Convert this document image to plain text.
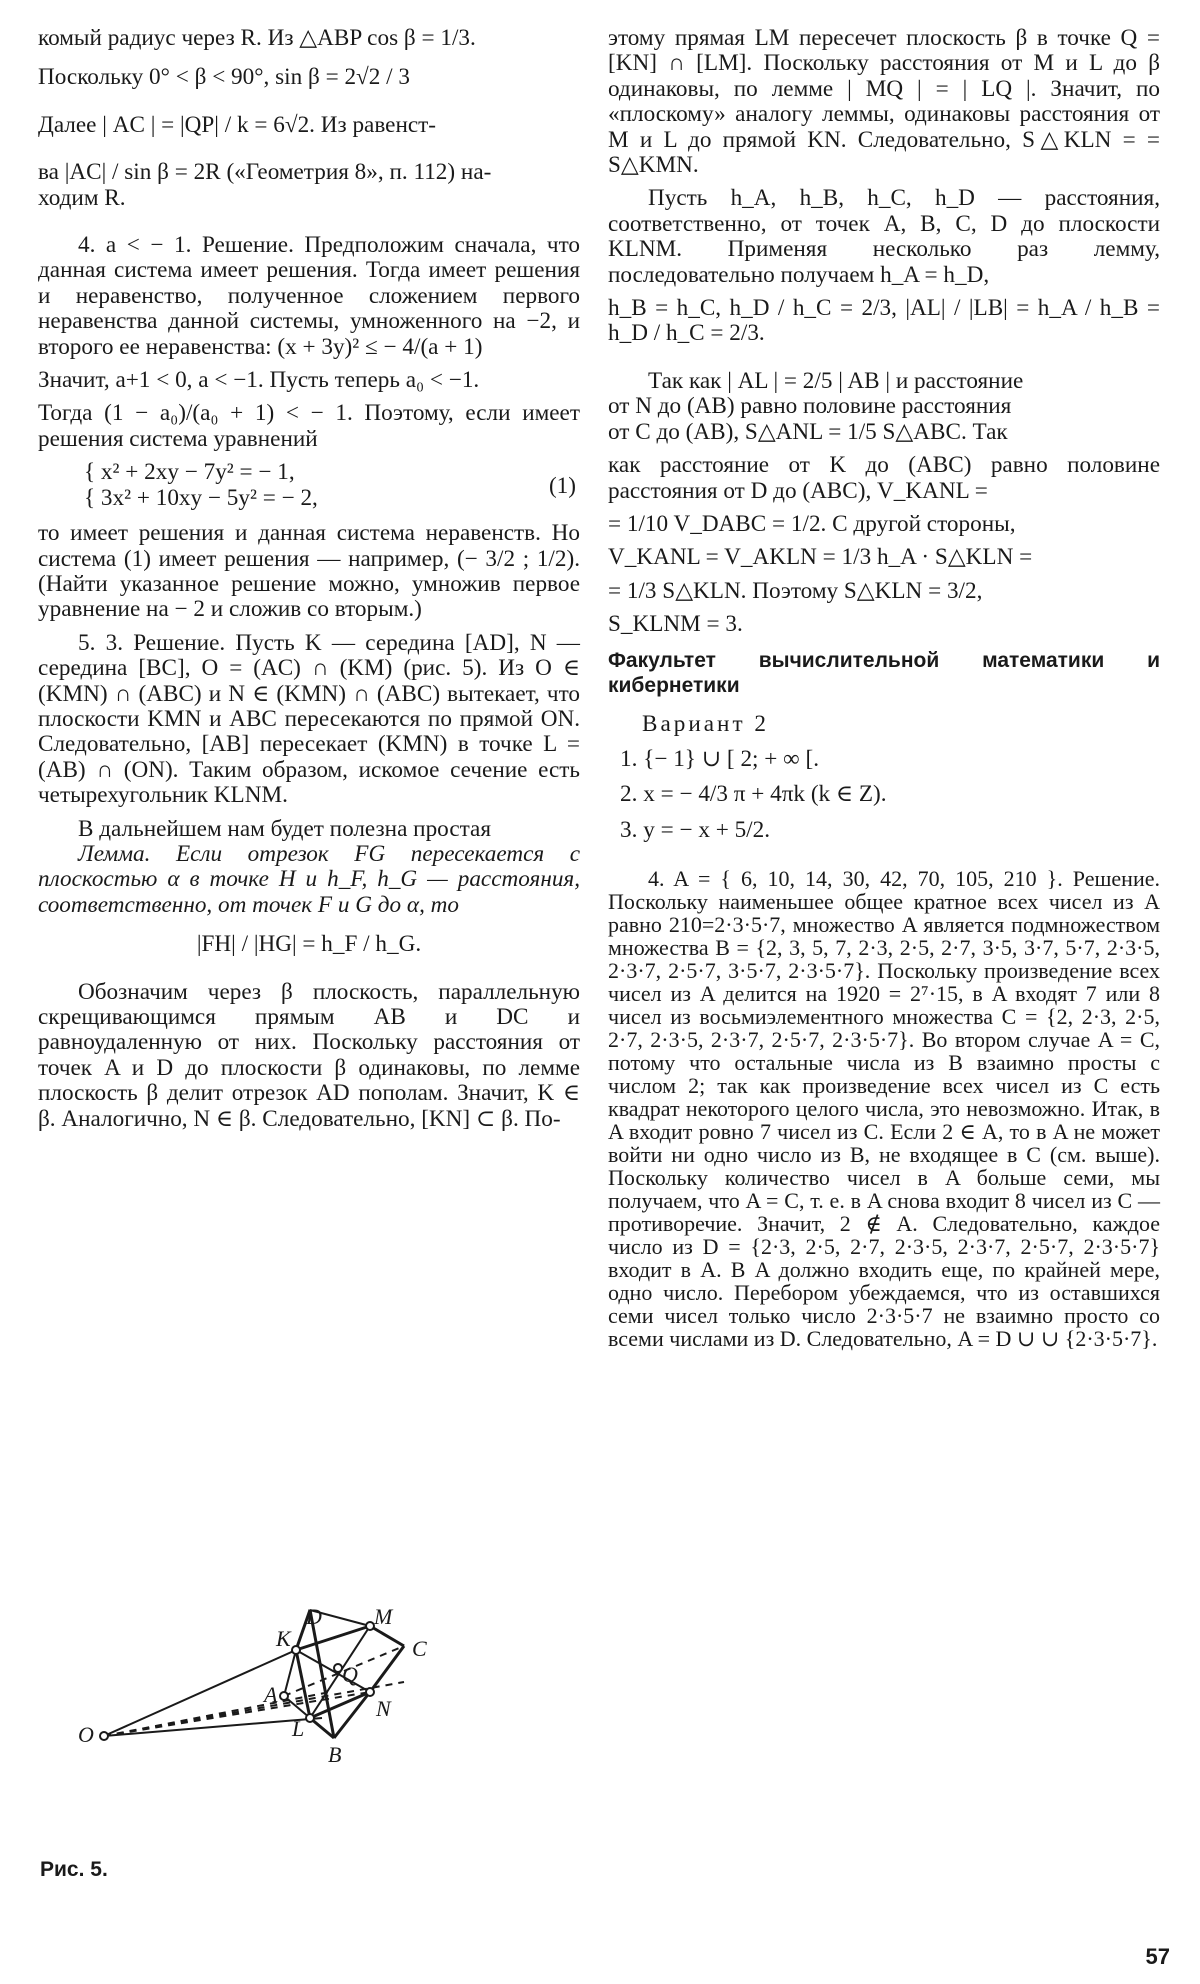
комый радиус через R. Из △ABP cos β = 1/3.

Поскольку 0° < β < 90°, sin β = 2√2 / 3

Далее | AC | = |QP| / k = 6√2. Из равенст-

ва |AC| / sin β = 2R («Геометрия 8», п. 112) на-

ходим R.

4. a < − 1. Решение. Предположим сначала, что данная система имеет решения. Тогда имеет решения и неравенство, полученное сложением первого неравенства данной системы, умноженного на −2, и второго ее неравенства: (x + 3y)² ≤ − 4/(a + 1)

Значит, a+1 < 0, a < −1. Пусть теперь a₀ < −1.

Тогда (1 − a₀)/(a₀ + 1) < − 1. Поэтому, если имеет решения система уравнений

{ x² + 2xy − 7y² = − 1,
{ 3x² + 10xy − 5y² = − 2,	(1)

то имеет решения и данная система неравенств. Но система (1) имеет решения — например, (− 3/2 ; 1/2). (Найти указанное решение можно, умножив первое уравнение на − 2 и сложив со вторым.)

5. 3. Решение. Пусть K — середина [AD], N — середина [BC], O = (AC) ∩ (KM) (рис. 5). Из O ∈ (KMN) ∩ (ABC) и N ∈ (KMN) ∩ (ABC) вытекает, что плоскости KMN и ABC пересекаются по прямой ON. Следовательно, [AB] пересекает (KMN) в точке L = (AB) ∩ (ON). Таким образом, искомое сечение есть четырехугольник KLNM.

В дальнейшем нам будет полезна простая

Лемма. Если отрезок FG пересекается с плоскостью α в точке H и h_F, h_G — расстояния, соответственно, от точек F и G до α, то

|FH| / |HG| = h_F / h_G.

Обозначим через β плоскость, параллельную скрещивающимся прямым AB и DC и равноудаленную от них. Поскольку расстояния от точек A и D до плоскости β одинаковы, по лемме плоскость β делит отрезок AD пополам. Значит, K ∈ β. Аналогично, N ∈ β. Следовательно, [KN] ⊂ β. По-

этому прямая LM пересечет плоскость β в точке Q = [KN] ∩ [LM]. Поскольку расстояния от M и L до β одинаковы, по лемме | MQ | = | LQ |. Значит, по «плоскому» аналогу леммы, одинаковы расстояния от M и L до прямой KN. Следовательно, S△KLN = = S△KMN.

Пусть h_A, h_B, h_C, h_D — расстояния, соответственно, от точек A, B, C, D до плоскости KLNM. Применяя несколько раз лемму, последовательно получаем h_A = h_D,

h_B = h_C, h_D / h_C = 2/3, |AL| / |LB| = h_A / h_B = h_D / h_C = 2/3.

Так как | AL | = 2/5 | AB | и расстояние

от N до (AB) равно половине расстояния

от C до (AB), S△ANL = 1/5 S△ABC. Так

как расстояние от K до (ABC) равно половине расстояния от D до (ABC), V_KANL =

= 1/10 V_DABC = 1/2. С другой стороны,

V_KANL = V_AKLN = 1/3 h_A · S△KLN =

= 1/3 S△KLN. Поэтому S△KLN = 3/2,

S_KLNM = 3.

Факультет вычислительной математики и кибернетики
Вариант 2
1. {− 1} ∪ [ 2; + ∞ [.
2. x = − 4/3 π + 4πk (k ∈ Z).
3. y = − x + 5/2.

4. A = { 6, 10, 14, 30, 42, 70, 105, 210 }. Решение. Поскольку наименьшее общее кратное всех чисел из A равно 210=2·3·5·7, множество A является подмножеством множества B = {2, 3, 5, 7, 2·3, 2·5, 2·7, 3·5, 3·7, 5·7, 2·3·5, 2·3·7, 2·5·7, 3·5·7, 2·3·5·7}. Поскольку произведение всех чисел из A делится на 1920 = 2⁷·15, в A входят 7 или 8 чисел из восьмиэлементного множества C = {2, 2·3, 2·5, 2·7, 2·3·5, 2·3·7, 2·5·7, 2·3·5·7}. Во втором случае A = C, потому что остальные числа из B взаимно просты с числом 2; так как произведение всех чисел из C есть квадрат некоторого целого числа, это невозможно. Итак, в A входит ровно 7 чисел из C. Если 2 ∈ A, то в A не может войти ни одно число из B, не входящее в C (см. выше). Поскольку количество чисел в A больше семи, мы получаем, что A = C, т. е. в A снова входит 8 чисел из C — противоречие. Значит, 2 ∉ A. Следовательно, каждое число из D = {2·3, 2·5, 2·7, 2·3·5, 2·3·7, 2·5·7, 2·3·5·7} входит в A. В A должно входить еще, по крайней мере, одно число. Перебором убеждаемся, что из оставшихся семи чисел только число 2·3·5·7 не взаимно просто со всеми числами из D. Следовательно, A = D ∪ ∪ {2·3·5·7}.

D M
K	C
Q
A
N
L
O
B
Рис. 5.
57
